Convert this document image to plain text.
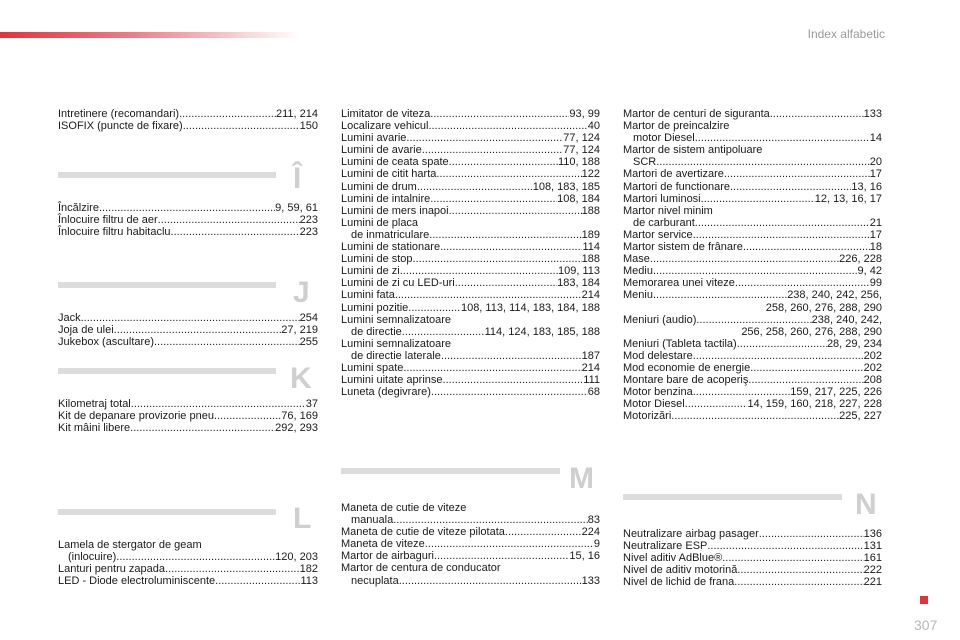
Index alfabetic
Intretinere (recomandari) .....	211, 214
ISOFIX (puncte de fixare) .....	150
Î
Încălzire .....	9, 59, 61
Înlocuire filtru de aer .....	223
Înlocuire filtru habitaclu .....	223
J
Jack .....	254
Joja de ulei .....	27, 219
Jukebox (ascultare) .....	255
K
Kilometraj total .....	37
Kit de depanare provizorie pneu .....	76, 169
Kit mâini libere .....	292, 293
L
Lamela de stergator de geam
(inlocuire) .....	120, 203
Lanturi pentru zapada .....	182
LED - Diode electroluminiscente .....	113
Limitator de viteza .....	93, 99
Localizare vehicul .....	40
Lumini avarie .....	77, 124
Lumini de avarie .....	77, 124
Lumini de ceata spate .....	110, 188
Lumini de citit harta .....	122
Lumini de drum .....	108, 183, 185
Lumini de intalnire .....	108, 184
Lumini de mers inapoi .....	188
Lumini de placa
de inmatriculare .....	189
Lumini de stationare .....	114
Lumini de stop .....	188
Lumini de zi .....	109, 113
Lumini de zi cu LED-uri .....	183, 184
Lumini fata .....	214
Lumini pozitie .....	108, 113, 114, 183, 184, 188
Lumini semnalizatoare
de directie .....	114, 124, 183, 185, 188
Lumini semnalizatoare
de directie laterale .....	187
Lumini spate .....	214
Lumini uitate aprinse .....	111
Luneta (degivrare) .....	68
M
Maneta de cutie de viteze
manuala .....	83
Maneta de cutie de viteze pilotata .....	224
Maneta de viteze .....	9
Martor de airbaguri .....	15, 16
Martor de centura de conducator
necuplata .....	133
Martor de centuri de siguranta .....	133
Martor de preincalzire
motor Diesel .....	14
Martor de sistem antipoluare
SCR .....	20
Martori de avertizare .....	17
Martori de functionare .....	13, 16
Martori luminosi .....	12, 13, 16, 17
Martor nivel minim
de carburant .....	21
Martor service .....	17
Martor sistem de frânare .....	18
Mase .....	226, 228
Mediu .....	9, 42
Memorarea unei viteze .....	99
Meniu .....	238, 240, 242, 256,
258, 260, 276, 288, 290
Meniuri (audio) .....	238, 240, 242,
256, 258, 260, 276, 288, 290
Meniuri (Tableta tactila) .....	28, 29, 234
Mod delestare .....	202
Mod economie de energie .....	202
Montare bare de acoperiş .....	208
Motor benzina .....	159, 217, 225, 226
Motor Diesel .....	14, 159, 160, 218, 227, 228
Motorizări .....	225, 227
N
Neutralizare airbag pasager .....	136
Neutralizare ESP .....	131
Nivel aditiv AdBlue® .....	161
Nivel de aditiv motorină .....	222
Nivel de lichid de frana .....	221
307
